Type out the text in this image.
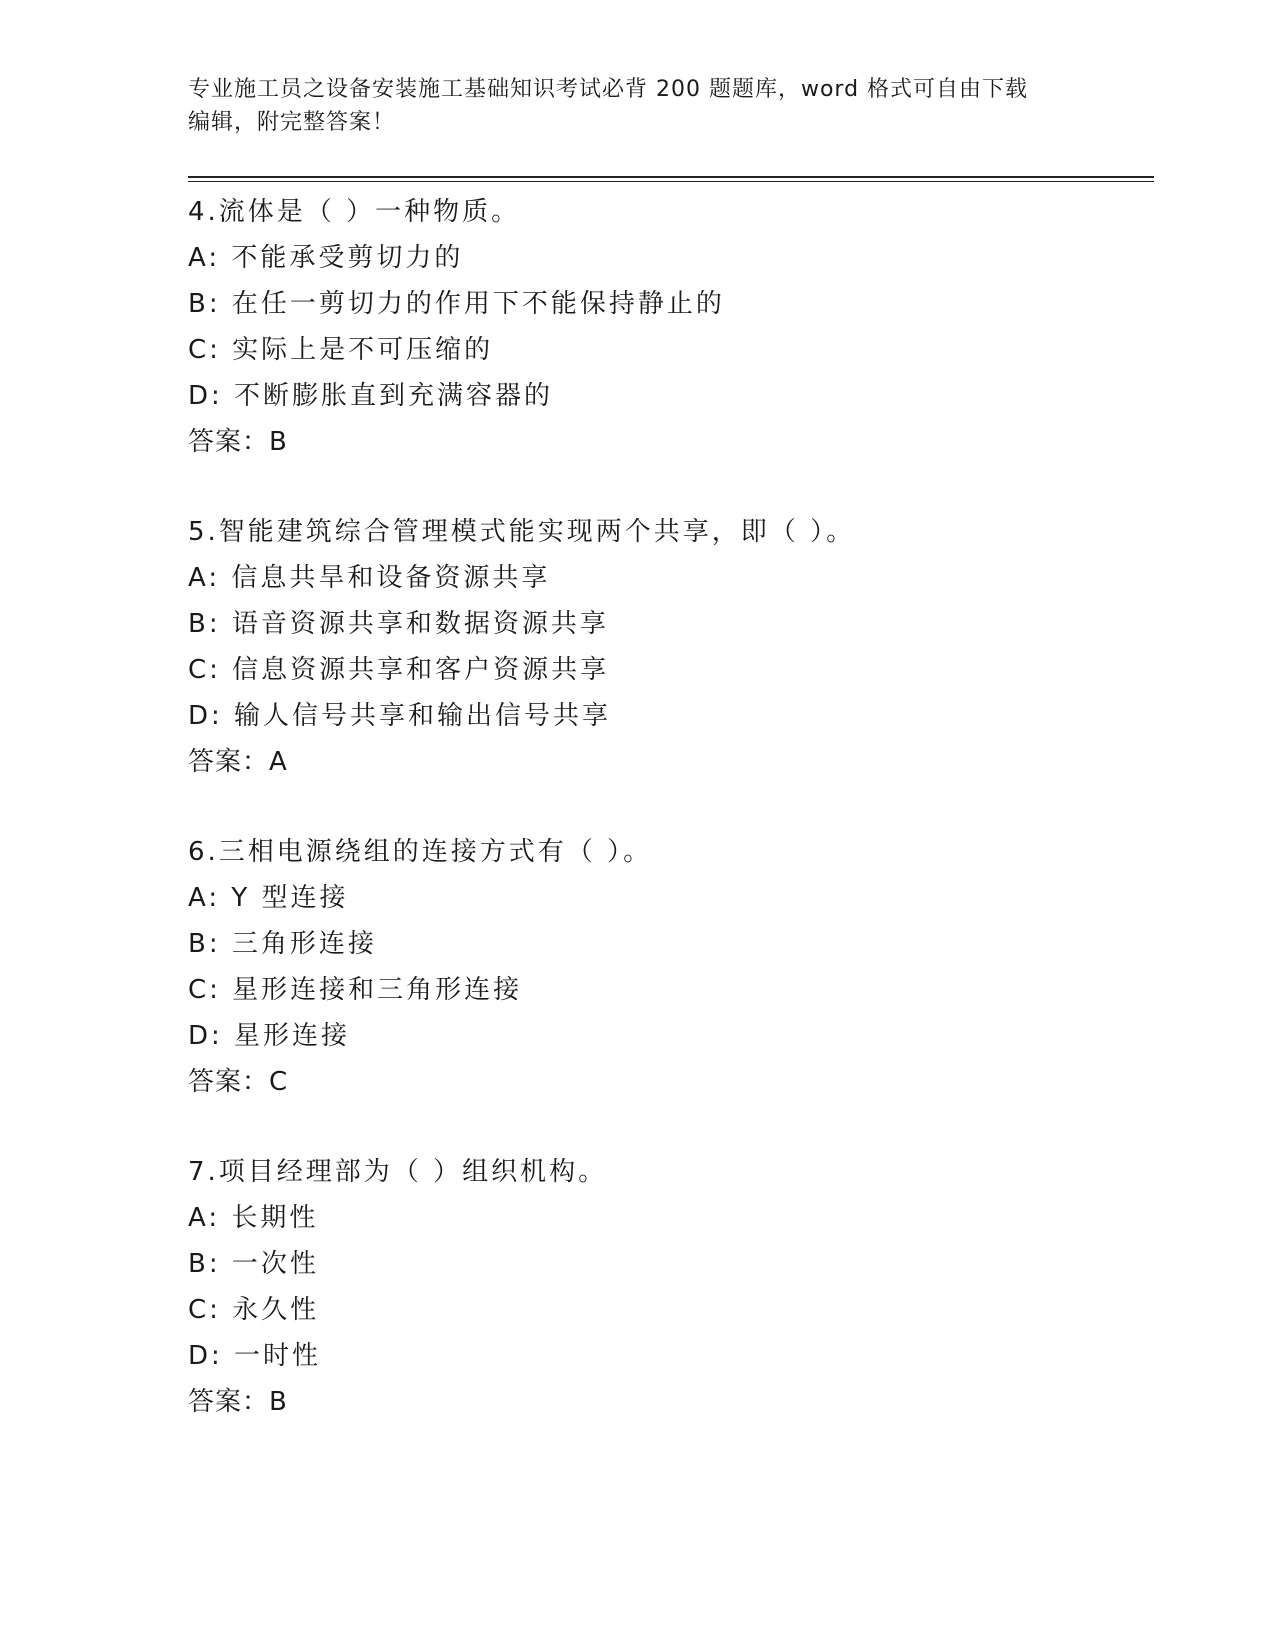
专业施工员之设备安装施工基础知识考试必背 200 题题库，word 格式可自由下载
编辑，附完整答案！
4.流体是（ ）一种物质。
A: 不能承受剪切力的
B: 在任一剪切力的作用下不能保持静止的
C: 实际上是不可压缩的
D: 不断膨胀直到充满容器的
答案：B
5.智能建筑综合管理模式能实现两个共享，即（ ）。
A: 信息共旱和设备资源共享
B: 语音资源共享和数据资源共享
C: 信息资源共享和客户资源共享
D: 输人信号共享和输出信号共享
答案：A
6.三相电源绕组的连接方式有（ ）。
A: Y 型连接
B: 三角形连接
C: 星形连接和三角形连接
D: 星形连接
答案：C
7.项目经理部为（ ）组织机构。
A: 长期性
B: 一次性
C: 永久性
D: 一时性
答案：B
